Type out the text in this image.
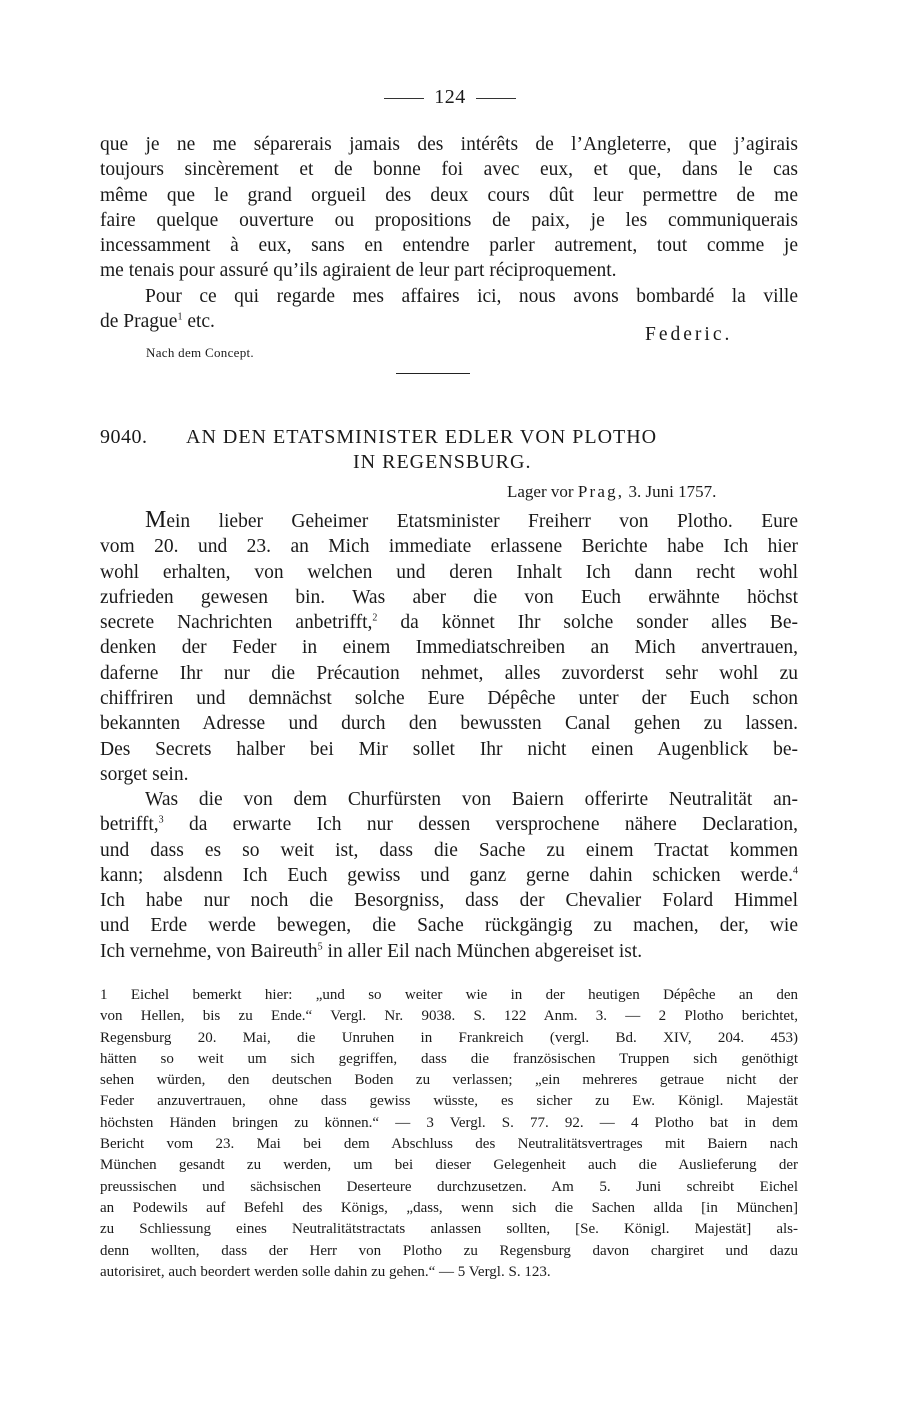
124

que je ne me séparerais jamais des intérêts de l’Angleterre, que j’agirais

toujours sincèrement et de bonne foi avec eux, et que, dans le cas

même que le grand orgueil des deux cours dût leur permettre de me

faire quelque ouverture ou propositions de paix, je les communiquerais

incessamment à eux, sans en entendre parler autrement, tout comme je

me tenais pour assuré qu’ils agiraient de leur part réciproquement.

Pour ce qui regarde mes affaires ici, nous avons bombardé la ville

de Prague$^1$ etc.

Federic.
Nach dem Concept.
9040. AN DEN ETATSMINISTER EDLER VON PLOTHO
IN REGENSBURG.
Lager vor Prag, 3. Juni 1757.

Mein lieber Geheimer Etatsminister Freiherr von Plotho. Eure

vom 20. und 23. an Mich immediate erlassene Berichte habe Ich hier

wohl erhalten, von welchen und deren Inhalt Ich dann recht wohl

zufrieden gewesen bin. Was aber die von Euch erwähnte höchst

secrete Nachrichten anbetrifft,$^2$ da könnet Ihr solche sonder alles Be-

denken der Feder in einem Immediatschreiben an Mich anvertrauen,

daferne Ihr nur die Précaution nehmet, alles zuvorderst sehr wohl zu

chiffriren und demnächst solche Eure Dépêche unter der Euch schon

bekannten Adresse und durch den bewussten Canal gehen zu lassen.

Des Secrets halber bei Mir sollet Ihr nicht einen Augenblick be-

sorget sein.

Was die von dem Churfürsten von Baiern offerirte Neutralität an-

betrifft,$^3$ da erwarte Ich nur dessen versprochene nähere Declaration,

und dass es so weit ist, dass die Sache zu einem Tractat kommen

kann; alsdenn Ich Euch gewiss und ganz gerne dahin schicken werde.$^4$

Ich habe nur noch die Besorgniss, dass der Chevalier Folard Himmel

und Erde werde bewegen, die Sache rückgängig zu machen, der, wie

Ich vernehme, von Baireuth$^5$ in aller Eil nach München abgereiset ist.

1 Eichel bemerkt hier: „und so weiter wie in der heutigen Dépêche an den

von Hellen, bis zu Ende.“ Vergl. Nr. 9038. S. 122 Anm. 3. — 2 Plotho berichtet,

Regensburg 20. Mai, die Unruhen in Frankreich (vergl. Bd. XIV, 204. 453)

hätten so weit um sich gegriffen, dass die französischen Truppen sich genöthigt

sehen würden, den deutschen Boden zu verlassen; „ein mehreres getraue nicht der

Feder anzuvertrauen, ohne dass gewiss wüsste, es sicher zu Ew. Königl. Majestät

höchsten Händen bringen zu können.“ — 3 Vergl. S. 77. 92. — 4 Plotho bat in dem

Bericht vom 23. Mai bei dem Abschluss des Neutralitätsvertrages mit Baiern nach

München gesandt zu werden, um bei dieser Gelegenheit auch die Auslieferung der

preussischen und sächsischen Deserteure durchzusetzen. Am 5. Juni schreibt Eichel

an Podewils auf Befehl des Königs, „dass, wenn sich die Sachen allda [in München]

zu Schliessung eines Neutralitätstractats anlassen sollten, [Se. Königl. Majestät] als-

denn wollten, dass der Herr von Plotho zu Regensburg davon chargiret und dazu

autorisiret, auch beordert werden solle dahin zu gehen.“ — 5 Vergl. S. 123.
